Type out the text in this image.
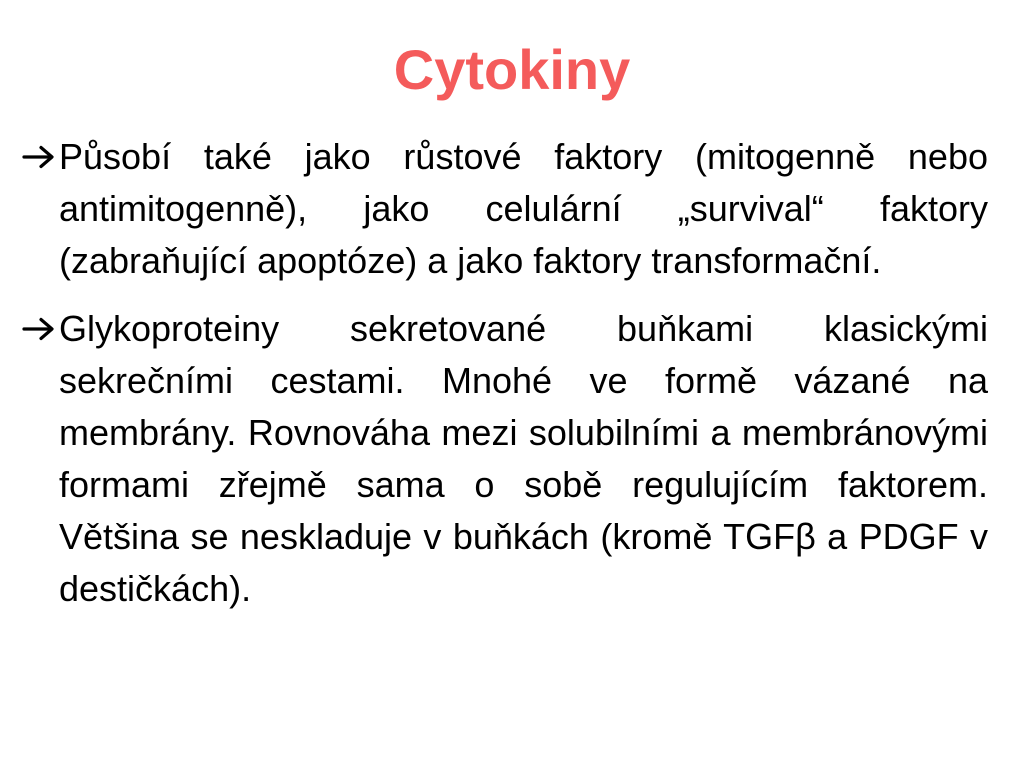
Cytokiny
Působí také jako růstové faktory (mitogenně nebo antimitogenně), jako celulární „survival“ faktory (zabraňující apoptóze) a jako faktory transformační.
Glykoproteiny sekretované buňkami klasickými sekrečními cestami. Mnohé ve formě vázané na membrány. Rovnováha mezi solubilními a membránovými formami zřejmě sama o sobě regulujícím faktorem. Většina se neskladuje v buňkách (kromě TGFβ a PDGF v destičkách).
